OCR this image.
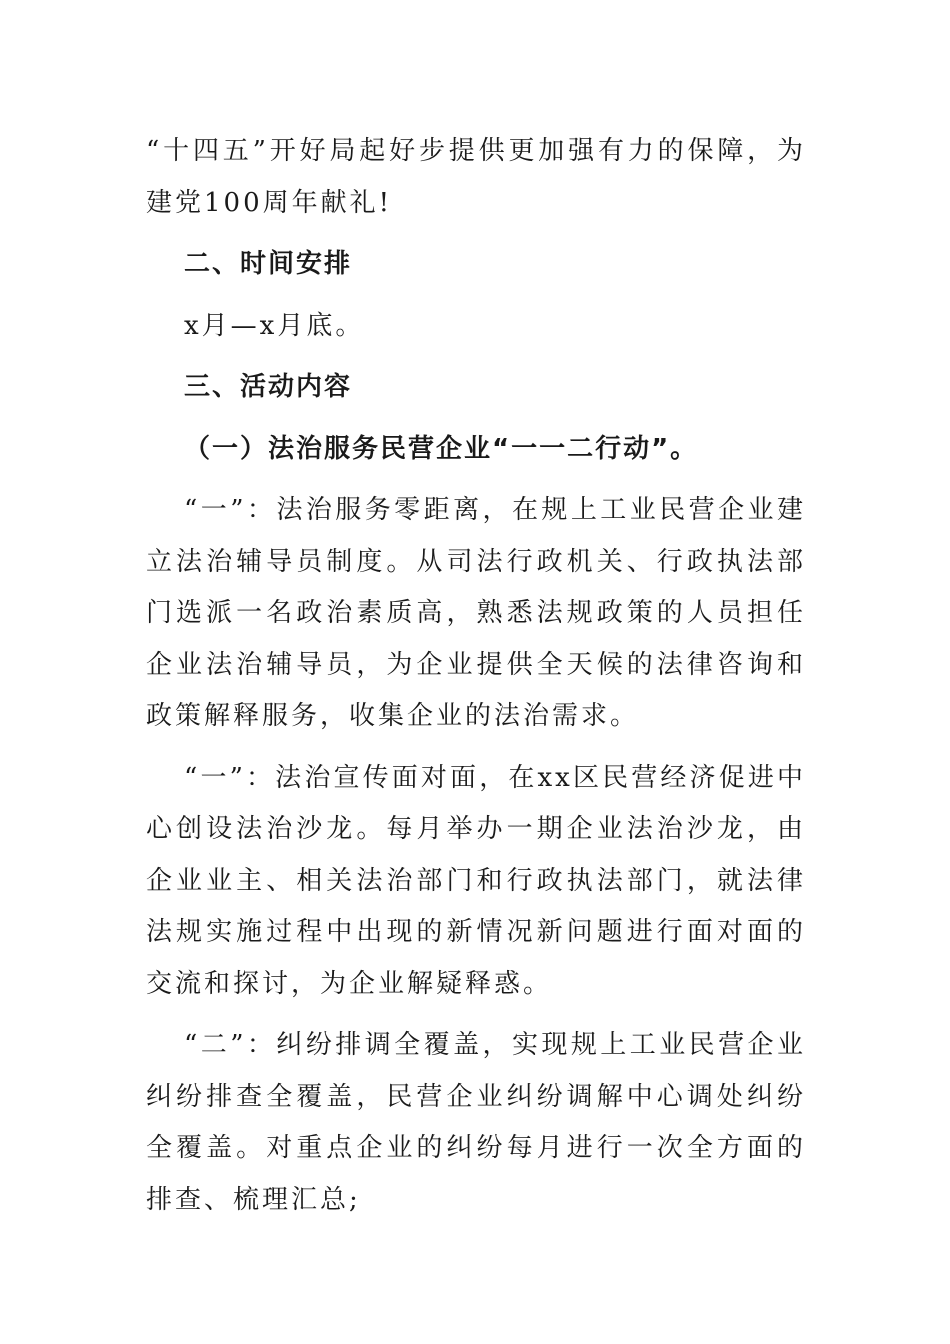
“十四五”开好局起好步提供更加强有力的保障，为建党100周年献礼!

二、时间安排

x月—x月底。

三、活动内容

（一）法治服务民营企业“一一二行动”。

“一”：法治服务零距离，在规上工业民营企业建立法治辅导员制度。从司法行政机关、行政执法部门选派一名政治素质高，熟悉法规政策的人员担任企业法治辅导员，为企业提供全天候的法律咨询和政策解释服务，收集企业的法治需求。

“一”：法治宣传面对面，在xx区民营经济促进中心创设法治沙龙。每月举办一期企业法治沙龙，由企业业主、相关法治部门和行政执法部门，就法律法规实施过程中出现的新情况新问题进行面对面的交流和探讨，为企业解疑释惑。

“二”：纠纷排调全覆盖，实现规上工业民营企业纠纷排查全覆盖，民营企业纠纷调解中心调处纠纷全覆盖。对重点企业的纠纷每月进行一次全方面的排查、梳理汇总;
